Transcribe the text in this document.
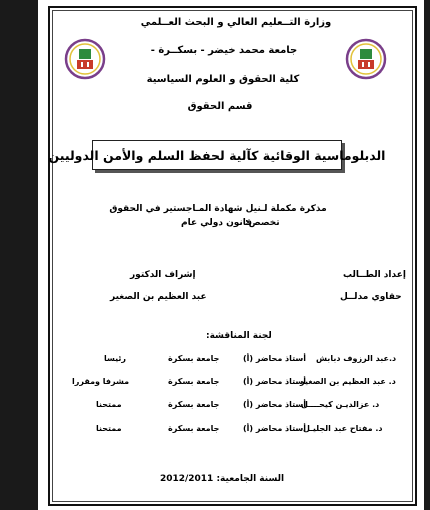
وزارة التــعليم العالي و البحث العــلمي
جامعة محمد خيضر - بسكــرة -
كلية الحقوق و العلوم السياسية
قسم الحقوق
الدبلوماسية الوقائية كآلية لحفظ السلم والأمن الدوليين
مذكرة مكملة لـنيل شهادة المـاجستير في الحقوق
تخصص:
قانون دولي عام
إعداد الطــالب
حقاوي مدلــل
إشراف الدكتور
عبد العظيم بن الصغير
لجنة المناقشة:
د.عبد الرزوف دبابش
أستاذ محاضر (أ)
جامعة بسكرة
رئيسا
د. عبد العظيم بن الصغير
أستاذ محاضر (أ)
جامعة بسكرة
مشرفا ومقررا
د. عزالديـن كيحــــل
أستاذ محاضر (أ)
جامعة بسكرة
ممتحنا
د. مفتاح عبد الجليـل
أستاذ محاضر (أ)
جامعة بسكرة
ممتحنا
السنة الجامعية: 2012/2011
